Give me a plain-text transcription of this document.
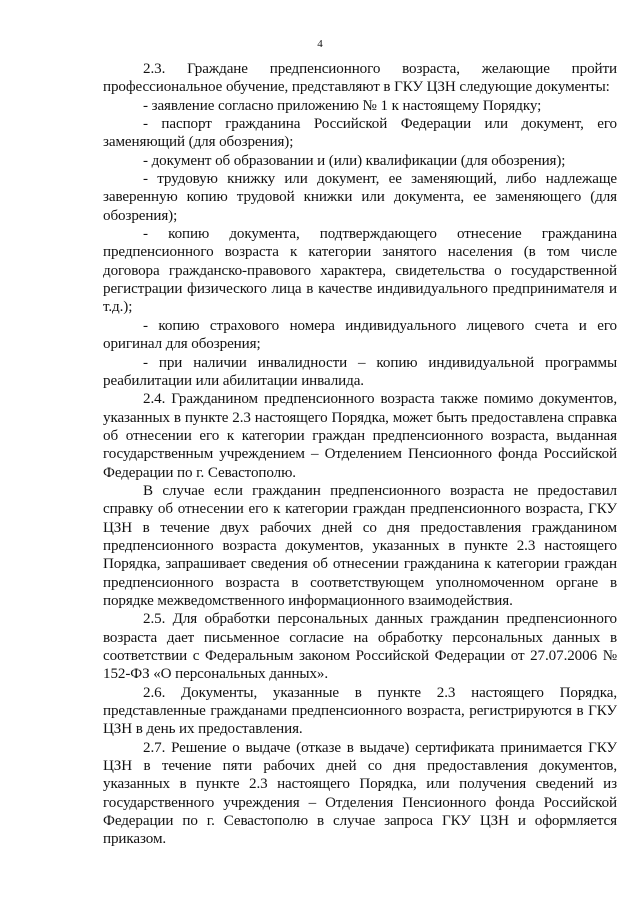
4

2.3. Граждане предпенсионного возраста, желающие пройти профессиональное обучение, представляют в ГКУ ЦЗН следующие документы:

- заявление согласно приложению № 1 к настоящему Порядку;

- паспорт гражданина Российской Федерации или документ, его заменяющий (для обозрения);

- документ об образовании и (или) квалификации (для обозрения);

- трудовую книжку или документ, ее заменяющий, либо надлежаще заверенную копию трудовой книжки или документа, ее заменяющего (для обозрения);

- копию документа, подтверждающего отнесение гражданина предпенсионного возраста к категории занятого населения (в том числе договора гражданско-правового характера, свидетельства о государственной регистрации физического лица в качестве индивидуального предпринимателя и т.д.);

- копию страхового номера индивидуального лицевого счета и его оригинал для обозрения;

- при наличии инвалидности – копию индивидуальной программы реабилитации или абилитации инвалида.

2.4. Гражданином предпенсионного возраста также помимо документов, указанных в пункте 2.3 настоящего Порядка, может быть предоставлена справка об отнесении его к категории граждан предпенсионного возраста, выданная государственным учреждением – Отделением Пенсионного фонда Российской Федерации по г. Севастополю.

В случае если гражданин предпенсионного возраста не предоставил справку об отнесении его к категории граждан предпенсионного возраста, ГКУ ЦЗН в течение двух рабочих дней со дня предоставления гражданином предпенсионного возраста документов, указанных в пункте 2.3 настоящего Порядка, запрашивает сведения об отнесении гражданина к категории граждан предпенсионного возраста в соответствующем уполномоченном органе в порядке межведомственного информационного взаимодействия.

2.5. Для обработки персональных данных гражданин предпенсионного возраста дает письменное согласие на обработку персональных данных в соответствии с Федеральным законом Российской Федерации от 27.07.2006 № 152-ФЗ «О персональных данных».

2.6. Документы, указанные в пункте 2.3 настоящего Порядка, представленные гражданами предпенсионного возраста, регистрируются в ГКУ ЦЗН в день их предоставления.

2.7. Решение о выдаче (отказе в выдаче) сертификата принимается ГКУ ЦЗН в течение пяти рабочих дней со дня предоставления документов, указанных в пункте 2.3 настоящего Порядка, или получения сведений из государственного учреждения – Отделения Пенсионного фонда Российской Федерации по г. Севастополю в случае запроса ГКУ ЦЗН и оформляется приказом.
